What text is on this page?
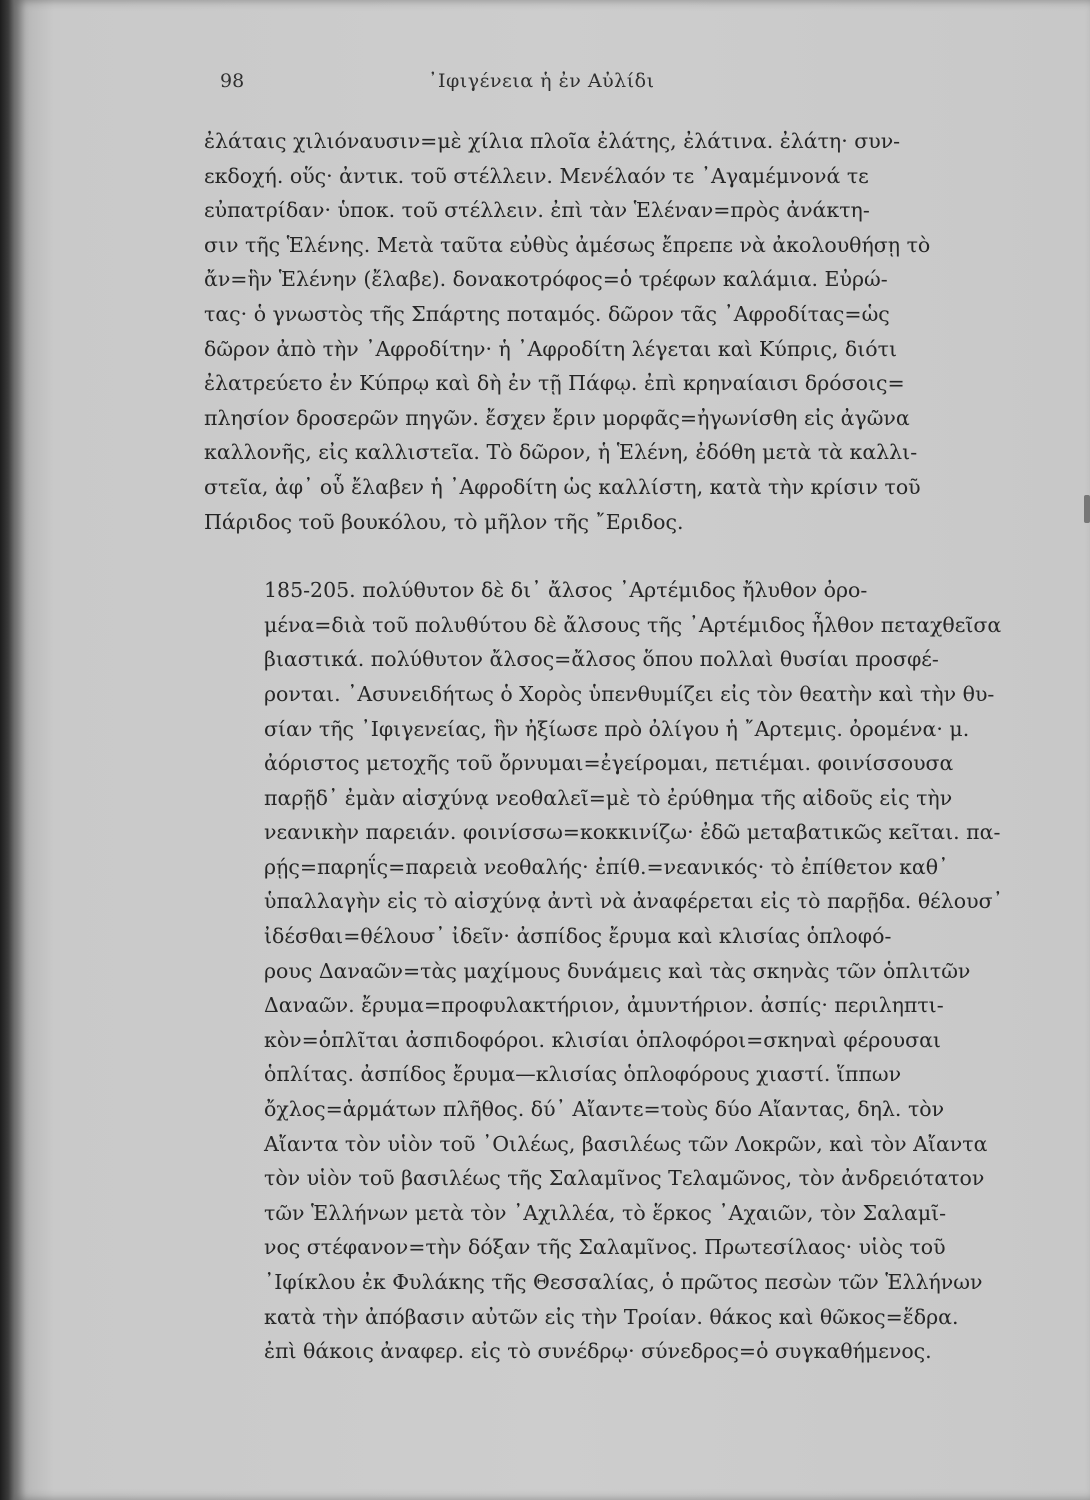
98	᾿Ιφιγένεια ἡ ἐν Αὐλίδι
ἐλάταις χιλιόναυσιν=μὲ χίλια πλοῖα ἐλάτης, ἐλάτινα. ἐλάτη· συν-
εκδοχή. οὕς· ἀντικ. τοῦ στέλλειν. Μενέλαόν τε ᾿Αγαμέμνονά τε
εὐπατρίδαν· ὑποκ. τοῦ στέλλειν. ἐπὶ τὰν Ἑλέναν=πρὸς ἀνάκτη-
σιν τῆς Ἑλένης. Μετὰ ταῦτα εὐθὺς ἀμέσως ἔπρεπε νὰ ἀκολουθήσῃ τὸ
ἄν=ἣν Ἑλένην (ἔλαβε). δονακοτρόφος=ὁ τρέφων καλάμια. Εὐρώ-
τας· ὁ γνωστὸς τῆς Σπάρτης ποταμός. δῶρον τᾶς ᾿Αφροδίτας=ὡς
δῶρον ἀπὸ τὴν ᾿Αφροδίτην· ἡ ᾿Αφροδίτη λέγεται καὶ Κύπρις, διότι
ἐλατρεύετο ἐν Κύπρῳ καὶ δὴ ἐν τῇ Πάφῳ. ἐπὶ κρηναίαισι δρόσοις=
πλησίον δροσερῶν πηγῶν. ἔσχεν ἔριν μορφᾶς=ἠγωνίσθη εἰς ἀγῶνα
καλλονῆς, εἰς καλλιστεῖα. Τὸ δῶρον, ἡ Ἑλένη, ἐδόθη μετὰ τὰ καλλι-
στεῖα, ἀφ᾿ οὗ ἔλαβεν ἡ ᾿Αφροδίτη ὡς καλλίστη, κατὰ τὴν κρίσιν τοῦ
Πάριδος τοῦ βουκόλου, τὸ μῆλον τῆς ῎Εριδος.
185-205. πολύθυτον δὲ δι᾿ ἄλσος ᾿Αρτέμιδος ἤλυθον ὀρο-
μένα=διὰ τοῦ πολυθύτου δὲ ἄλσους τῆς ᾿Αρτέμιδος ἦλθον πεταχθεῖσα
βιαστικά. πολύθυτον ἄλσος=ἄλσος ὅπου πολλαὶ θυσίαι προσφέ-
ρονται. ᾿Ασυνειδήτως ὁ Χορὸς ὑπενθυμίζει εἰς τὸν θεατὴν καὶ τὴν θυ-
σίαν τῆς ᾿Ιφιγενείας, ἣν ἠξίωσε πρὸ ὀλίγου ἡ ῎Αρτεμις. ὀρομένα· μ.
ἀόριστος μετοχῆς τοῦ ὄρνυμαι=ἐγείρομαι, πετιέμαι. φοινίσσουσα
παρῇδ᾿ ἐμὰν αἰσχύνᾳ νεοθαλεῖ=μὲ τὸ ἐρύθημα τῆς αἰδοῦς εἰς τὴν
νεανικὴν παρειάν. φοινίσσω=κοκκινίζω· ἐδῶ μεταβατικῶς κεῖται. πα-
ρῄς=παρηΐς=παρειὰ νεοθαλής· ἐπίθ.=νεανικός· τὸ ἐπίθετον καθ᾿
ὑπαλλαγὴν εἰς τὸ αἰσχύνᾳ ἀντὶ νὰ ἀναφέρεται εἰς τὸ παρῇδα. θέλουσ᾿
ἰδέσθαι=θέλουσ᾿ ἰδεῖν· ἀσπίδος ἔρυμα καὶ κλισίας ὁπλοφό-
ρους Δαναῶν=τὰς μαχίμους δυνάμεις καὶ τὰς σκηνὰς τῶν ὁπλιτῶν
Δαναῶν. ἔρυμα=προφυλακτήριον, ἀμυντήριον. ἀσπίς· περιληπτι-
κὸν=ὁπλῖται ἀσπιδοφόροι. κλισίαι ὁπλοφόροι=σκηναὶ φέρουσαι
ὁπλίτας. ἀσπίδος ἔρυμα—κλισίας ὁπλοφόρους χιαστί. ἵππων
ὄχλος=ἁρμάτων πλῆθος. δύ᾿ Αἴαντε=τοὺς δύο Αἴαντας, δηλ. τὸν
Αἴαντα τὸν υἱὸν τοῦ ᾿Οιλέως, βασιλέως τῶν Λοκρῶν, καὶ τὸν Αἴαντα
τὸν υἱὸν τοῦ βασιλέως τῆς Σαλαμῖνος Τελαμῶνος, τὸν ἀνδρειότατον
τῶν Ἑλλήνων μετὰ τὸν ᾿Αχιλλέα, τὸ ἕρκος ᾿Αχαιῶν, τὸν Σαλαμῖ-
νος στέφανον=τὴν δόξαν τῆς Σαλαμῖνος. Πρωτεσίλαος· υἱὸς τοῦ
᾿Ιφίκλου ἐκ Φυλάκης τῆς Θεσσαλίας, ὁ πρῶτος πεσὼν τῶν Ἑλλήνων
κατὰ τὴν ἀπόβασιν αὐτῶν εἰς τὴν Τροίαν. θάκος καὶ θῶκος=ἕδρα.
ἐπὶ θάκοις ἀναφερ. εἰς τὸ συνέδρῳ· σύνεδρος=ὁ συγκαθήμενος.
